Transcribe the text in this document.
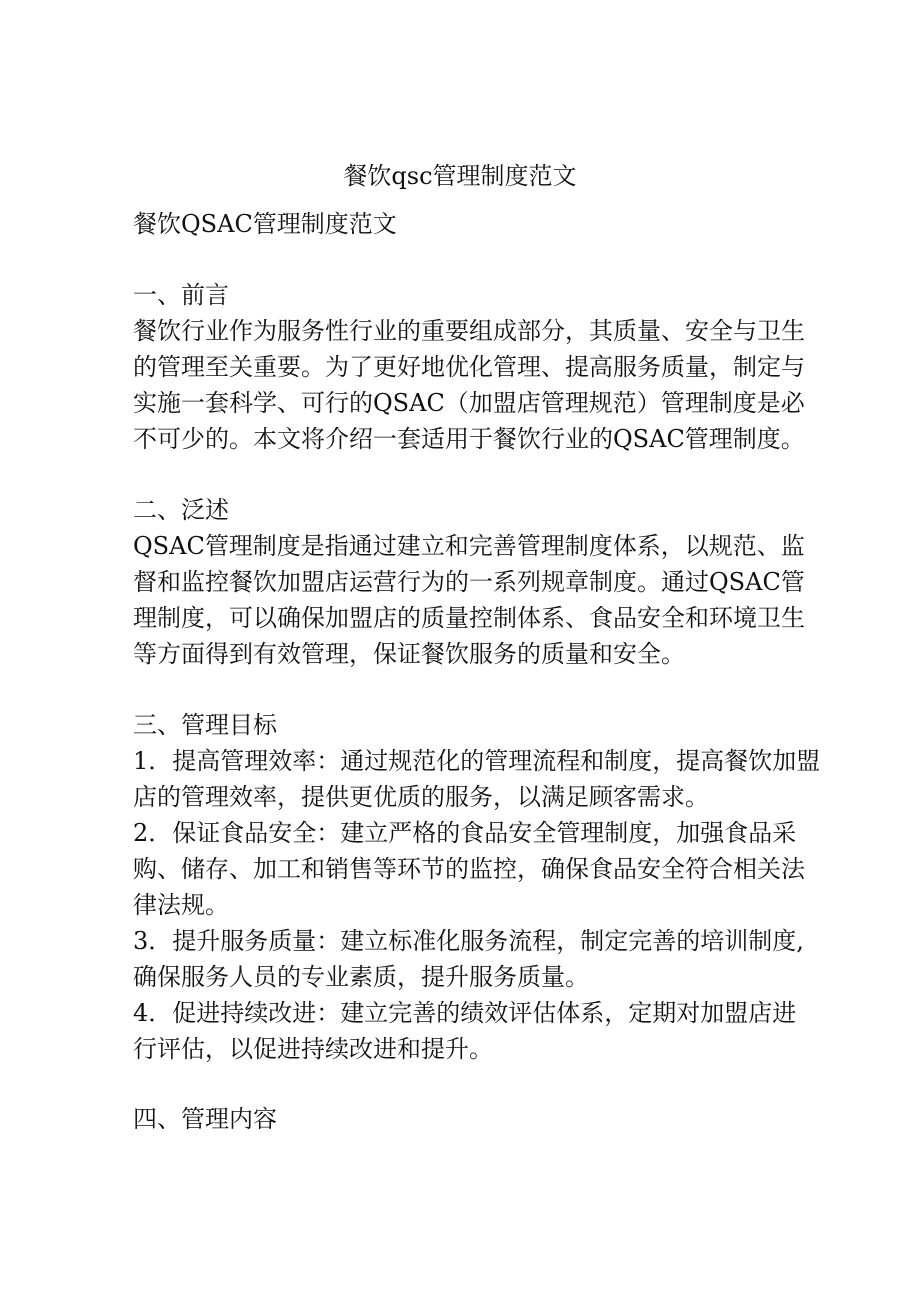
餐饮qsc管理制度范文
餐饮QSAC管理制度范文
一、前言
餐饮行业作为服务性行业的重要组成部分，其质量、安全与卫生
的管理至关重要。为了更好地优化管理、提高服务质量，制定与
实施一套科学、可行的QSAC（加盟店管理规范）管理制度是必
不可少的。本文将介绍一套适用于餐饮行业的QSAC管理制度。
二、泛述
QSAC管理制度是指通过建立和完善管理制度体系，以规范、监
督和监控餐饮加盟店运营行为的一系列规章制度。通过QSAC管
理制度，可以确保加盟店的质量控制体系、食品安全和环境卫生
等方面得到有效管理，保证餐饮服务的质量和安全。
三、管理目标
1．提高管理效率：通过规范化的管理流程和制度，提高餐饮加盟
店的管理效率，提供更优质的服务，以满足顾客需求。
2．保证食品安全：建立严格的食品安全管理制度，加强食品采
购、储存、加工和销售等环节的监控，确保食品安全符合相关法
律法规。
3．提升服务质量：建立标准化服务流程，制定完善的培训制度,
确保服务人员的专业素质，提升服务质量。
4．促进持续改进：建立完善的绩效评估体系，定期对加盟店进
行评估，以促进持续改进和提升。
四、管理内容
